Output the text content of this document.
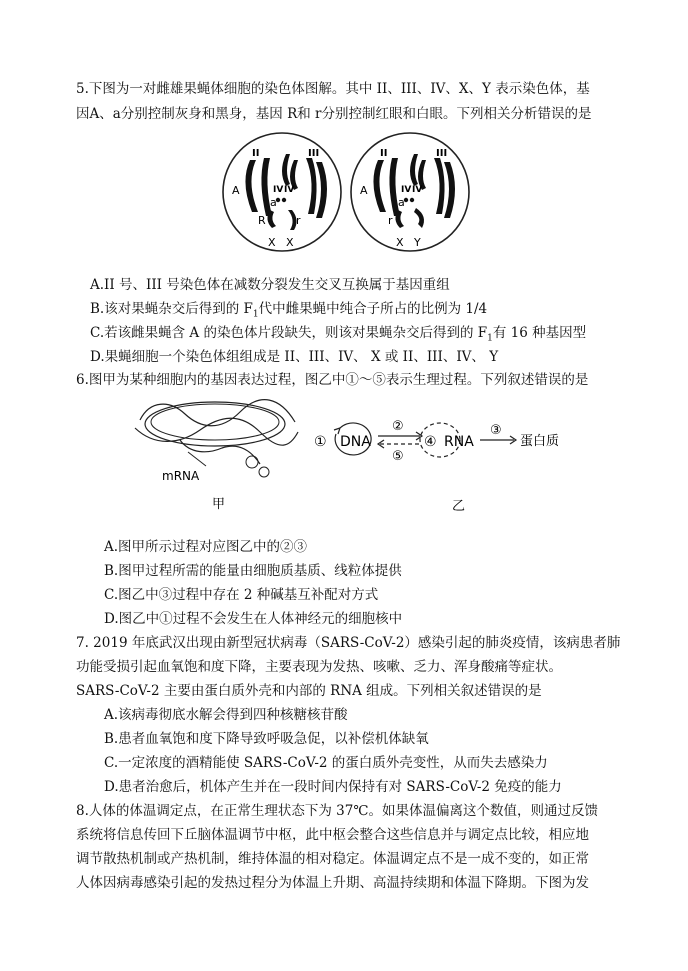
5.下图为一对雌雄果蝇体细胞的染色体图解。其中 II、III、IV、X、Y 表示染色体，基
因A、a分别控制灰身和黑身，基因 R和 r分别控制红眼和白眼。下列相关分析错误的是
II	III
IV IV
A
a
R	r
X X
II	III
IV IV
A
a
r
X Y
A.II 号、III 号染色体在减数分裂发生交叉互换属于基因重组
B.该对果蝇杂交后得到的 $F_1$代中雌果蝇中纯合子所占的比例为 1/4
C.若该雌果蝇含 A 的染色体片段缺失，则该对果蝇杂交后得到的 $F_1$有 16 种基因型
D.果蝇细胞一个染色体组组成是 II、III、IV、 X 或 II、III、IV、 Y
6.图甲为某种细胞内的基因表达过程，图乙中①～⑤表示生理过程。下列叙述错误的是
mRNA
甲
① DNA
②
⑤
④ RNA
③
蛋白质
乙
A.图甲所示过程对应图乙中的②③
B.图甲过程所需的能量由细胞质基质、线粒体提供
C.图乙中③过程中存在 2 种碱基互补配对方式
D.图乙中①过程不会发生在人体神经元的细胞核中
7. 2019 年底武汉出现由新型冠状病毒（SARS-CoV-2）感染引起的肺炎疫情，该病患者肺
功能受损引起血氧饱和度下降，主要表现为发热、咳嗽、乏力、浑身酸痛等症状。
SARS-CoV-2 主要由蛋白质外壳和内部的 RNA 组成。下列相关叙述错误的是
A.该病毒彻底水解会得到四种核糖核苷酸
B.患者血氧饱和度下降导致呼吸急促，以补偿机体缺氧
C.一定浓度的酒精能使 SARS-CoV-2 的蛋白质外壳变性，从而失去感染力
D.患者治愈后，机体产生并在一段时间内保持有对 SARS-CoV-2 免疫的能力
8.人体的体温调定点，在正常生理状态下为 37℃。如果体温偏离这个数值，则通过反馈
系统将信息传回下丘脑体温调节中枢，此中枢会整合这些信息并与调定点比较，相应地
调节散热机制或产热机制，维持体温的相对稳定。体温调定点不是一成不变的，如正常
人体因病毒感染引起的发热过程分为体温上升期、高温持续期和体温下降期。下图为发
